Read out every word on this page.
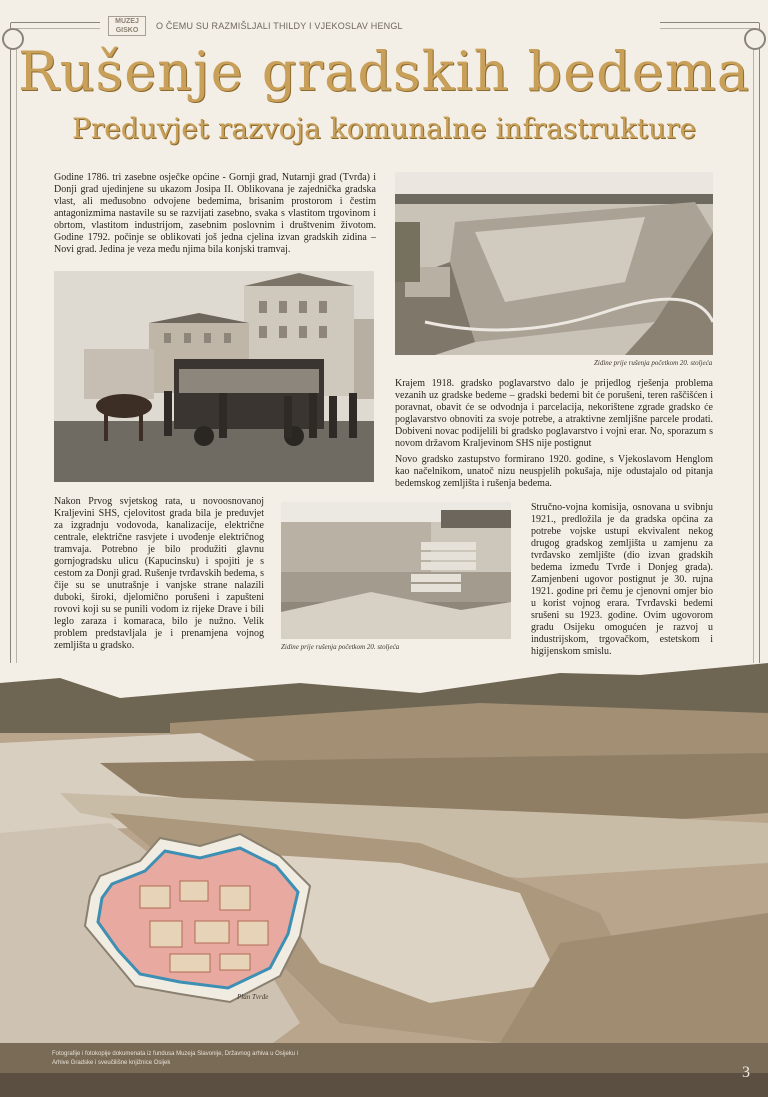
MUZEJ GISKO	O ČEMU SU RAZMIŠLJALI THILDY I VJEKOSLAV HENGL
Rušenje gradskih bedema
Preduvjet razvoja komunalne infrastrukture

Godine 1786. tri zasebne osječke općine - Gornji grad, Nutarnji grad (Tvrđa) i Donji grad ujedinjene su ukazom Josipa II. Oblikovana je zajednička gradska vlast, ali međusobno odvojene bedemima, brisanim prostorom i čestim antagonizmima nastavile su se razvijati zasebno, svaka s vlastitom trgovinom i obrtom, vlastitom industrijom, zasebnim poslovnim i društvenim životom. Godine 1792. počinje se oblikovati još jedna cjelina izvan gradskih zidina – Novi grad. Jedina je veza među njima bila konjski tramvaj.

Zidine prije rušenja početkom 20. stoljeća

Krajem 1918. gradsko poglavarstvo dalo je prijedlog rješenja problema vezanih uz gradske bedeme – gradski bedemi bit će porušeni, teren raščišćen i poravnat, obavit će se odvodnja i parcelacija, nekorištene zgrade gradsko će poglavarstvo obnoviti za svoje potrebe, a atraktivne zemljišne parcele prodati. Dobiveni novac podijelili bi gradsko poglavarstvo i vojni erar. No, sporazum s novom državom Kraljevinom SHS nije postignut

Novo gradsko zastupstvo formirano 1920. godine, s Vjekoslavom Henglom kao načelnikom, unatoč nizu neuspjelih pokušaja, nije odustajalo od pitanja bedemskog zemljišta i rušenja bedema.

Nakon Prvog svjetskog rata, u novoosnovanoj Kraljevini SHS, cjelovitost grada bila je preduvjet za izgradnju vodovoda, kanalizacije, električne centrale, električne rasvjete i uvođenje električnog tramvaja. Potrebno je bilo produžiti glavnu gornjogradsku ulicu (Kapucinsku) i spojiti je s cestom za Donji grad. Rušenje tvrđavskih bedema, s čije su se unutrašnje i vanjske strane nalazili duboki, široki, djelomično porušeni i zapušteni rovovi koji su se punili vodom iz rijeke Drave i bili leglo zaraza i komaraca, bilo je nužno. Velik problem predstavljala je i prenamjena vojnog zemljišta u gradsko.	Zidine prije rušenja početkom 20. stoljeća

Stručno-vojna komisija, osnovana u svibnju 1921., predložila je da gradska općina za potrebe vojske ustupi ekvivalent nekog drugog gradskog zemljišta u zamjenu za tvrđavsko zemljište (dio izvan gradskih bedema između Tvrđe i Donjeg grada). Zamjenbeni ugovor postignut je 30. rujna 1921. godine pri čemu je cjenovni omjer bio u korist vojnog erara. Tvrđavski bedemi srušeni su 1923. godine. Ovim ugovorom gradu Osijeku omogućen je razvoj u industrijskom, trgovačkom, estetskom i higijenskom smislu.

Plan Tvrđe
Fotografije i fotokopije dokumenata iz fundusa Muzeja Slavonije, Državnog arhiva u Osijeku i Arhive Gradske i sveučilišne knjižnice Osijek
3
